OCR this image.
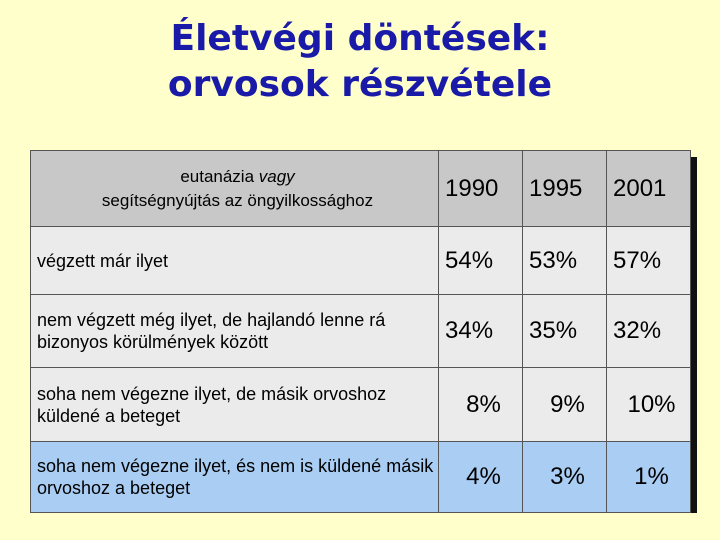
Életvégi döntések:
orvosok részvétele
eutanázia vagy
segítségnyújtás az öngyilkossághoz	1990	1995	2001
végzett már ilyet	54%	53%	57%
nem végzett még ilyet, de hajlandó lenne rá bizonyos körülmények között	34%	35%	32%
soha nem végezne ilyet, de másik orvoshoz küldené a beteget	8%	9%	10%
soha nem végezne ilyet, és nem is küldené másik orvoshoz a beteget	4%	3%	1%
